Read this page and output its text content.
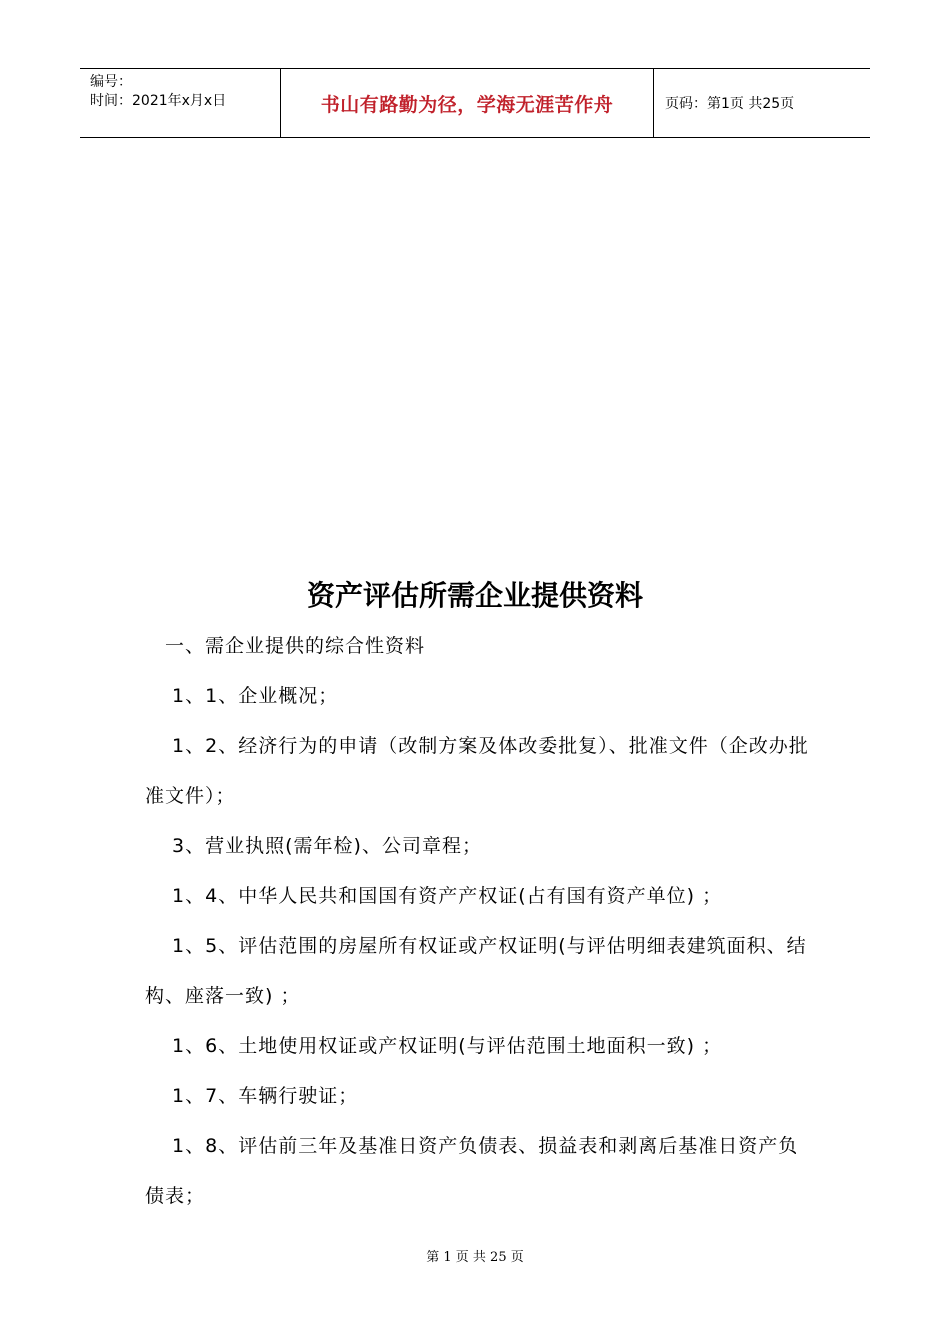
编号：
时间：2021年x月x日	书山有路勤为径，学海无涯苦作舟	页码：第1页 共25页
资产评估所需企业提供资料
　一、需企业提供的综合性资料
　 1、1、企业概况；
　 1、2、经济行为的申请（改制方案及体改委批复）、批准文件（企改办批准文件）；
　 3、营业执照(需年检)、公司章程；
　 1、4、中华人民共和国国有资产产权证(占有国有资产单位) ；
　 1、5、评估范围的房屋所有权证或产权证明(与评估明细表建筑面积、结构、座落一致) ；
　 1、6、土地使用权证或产权证明(与评估范围土地面积一致) ；
　 1、7、车辆行驶证；
　 1、8、评估前三年及基准日资产负债表、损益表和剥离后基准日资产负债表；
第 1 页 共 25 页
